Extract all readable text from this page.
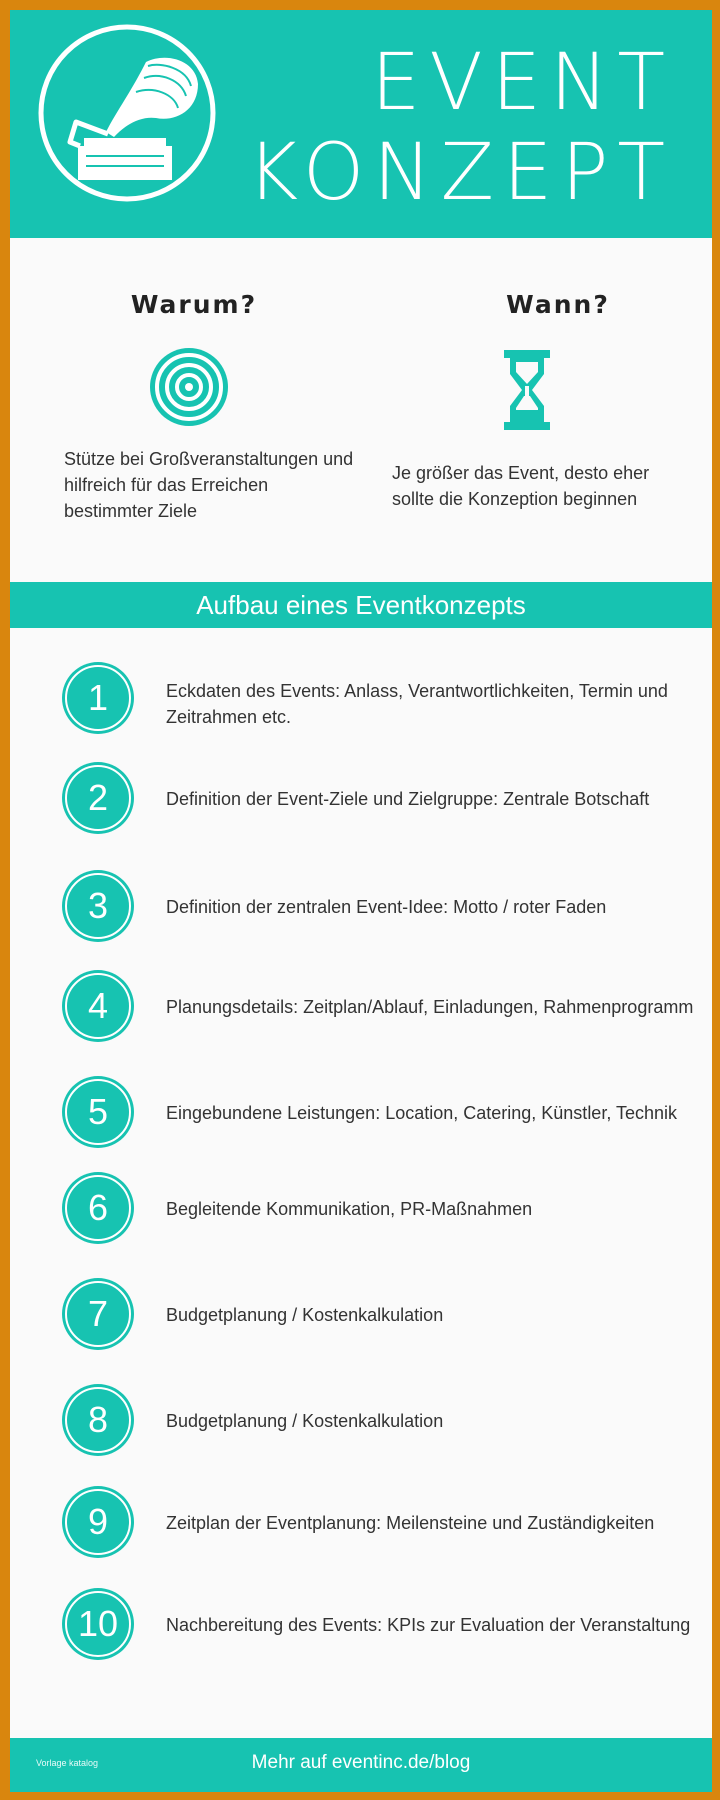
EVENT
KONZEPT
Warum?
Stütze bei Großveranstaltungen und hilfreich für das Erreichen bestimmter Ziele
Wann?
Je größer das Event, desto eher sollte die Konzeption beginnen
Aufbau eines Eventkonzepts
1	Eckdaten des Events: Anlass, Verantwortlichkeiten, Termin und Zeitrahmen etc.
2	Definition der Event-Ziele und Zielgruppe: Zentrale Botschaft
3	Definition der zentralen Event-Idee: Motto / roter Faden
4	Planungsdetails: Zeitplan/Ablauf, Einladungen, Rahmenprogramm
5	Eingebundene Leistungen: Location, Catering, Künstler, Technik
6	Begleitende Kommunikation, PR-Maßnahmen
7	Budgetplanung / Kostenkalkulation
8	Budgetplanung / Kostenkalkulation
9	Zeitplan der Eventplanung: Meilensteine und Zuständigkeiten
10	Nachbereitung des Events: KPIs zur Evaluation der Veranstaltung
Vorlage katalog	Mehr auf eventinc.de/blog
